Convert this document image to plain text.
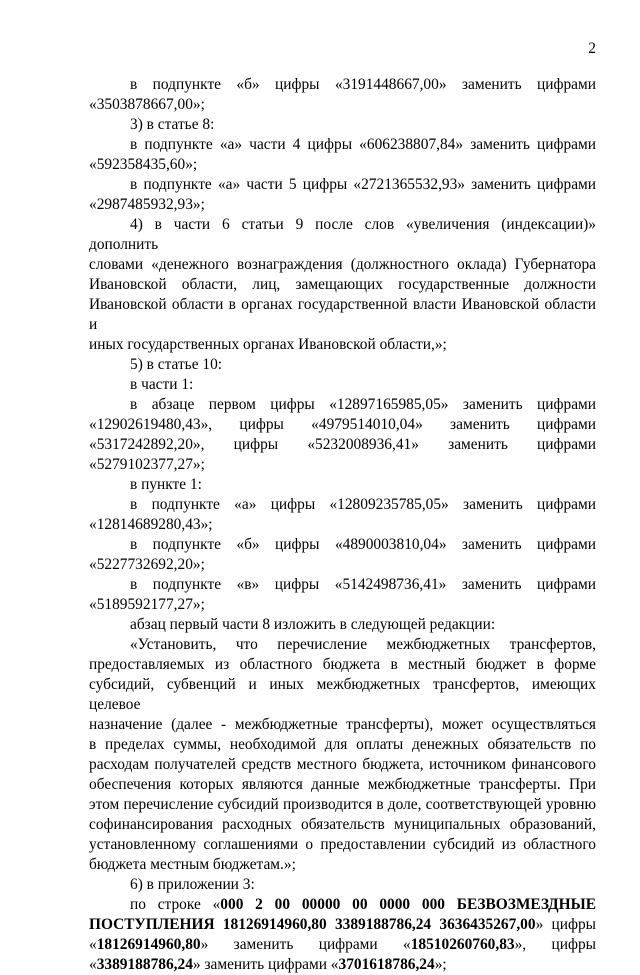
2
в подпункте «б» цифры «3191448667,00» заменить цифрами
«3503878667,00»;
3) в статье 8:
в подпункте «а» части 4 цифры «606238807,84» заменить цифрами
«592358435,60»;
в подпункте «а» части 5 цифры «2721365532,93» заменить цифрами
«2987485932,93»;
4) в части 6 статьи 9 после слов «увеличения (индексации)» дополнить
словами «денежного вознаграждения (должностного оклада) Губернатора
Ивановской области, лиц, замещающих государственные должности
Ивановской области в органах государственной власти Ивановской области и
иных государственных органах Ивановской области,»;
5) в статье 10:
в части 1:
в абзаце первом цифры «12897165985,05» заменить цифрами
«12902619480,43», цифры «4979514010,04» заменить цифрами
«5317242892,20», цифры «5232008936,41» заменить цифрами
«5279102377,27»;
в пункте 1:
в подпункте «а» цифры «12809235785,05» заменить цифрами
«12814689280,43»;
в подпункте «б» цифры «4890003810,04» заменить цифрами
«5227732692,20»;
в подпункте «в» цифры «5142498736,41» заменить цифрами
«5189592177,27»;
абзац первый части 8 изложить в следующей редакции:
«Установить, что перечисление межбюджетных трансфертов,
предоставляемых из областного бюджета в местный бюджет в форме
субсидий, субвенций и иных межбюджетных трансфертов, имеющих целевое
назначение (далее - межбюджетные трансферты), может осуществляться
в пределах суммы, необходимой для оплаты денежных обязательств по
расходам получателей средств местного бюджета, источником финансового
обеспечения которых являются данные межбюджетные трансферты. При
этом перечисление субсидий производится в доле, соответствующей уровню
софинансирования расходных обязательств муниципальных образований,
установленному соглашениями о предоставлении субсидий из областного
бюджета местным бюджетам.»;
6) в приложении 3:
по строке «000 2 00 00000 00 0000 000 БЕЗВОЗМЕЗДНЫЕ
ПОСТУПЛЕНИЯ 18126914960,80 3389188786,24 3636435267,00» цифры
«18126914960,80» заменить цифрами «18510260760,83», цифры
«3389188786,24» заменить цифрами «3701618786,24»;
